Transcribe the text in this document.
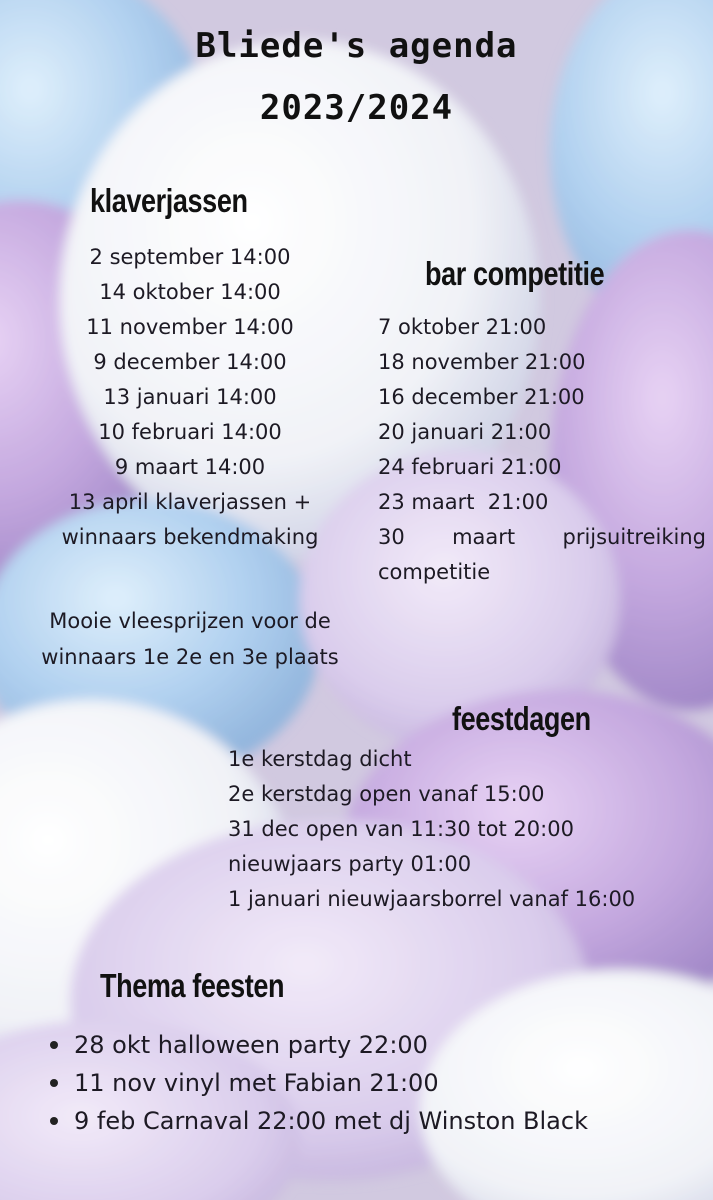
Bliede's agenda
2023/2024
klaverjassen
2 september 14:00
14 oktober 14:00
11 november 14:00
9 december 14:00
13 januari 14:00
10 februari 14:00
9 maart 14:00
13 april klaverjassen +
winnaars bekendmaking
Mooie vleesprijzen voor de
winnaars 1e 2e en 3e plaats
bar competitie
7 oktober 21:00
18 november 21:00
16 december 21:00
20 januari 21:00
24 februari 21:00
23 maart  21:00
30 maart prijsuitreiking
competitie
feestdagen
1e kerstdag dicht
2e kerstdag open vanaf 15:00
31 dec open van 11:30 tot 20:00
nieuwjaars party 01:00
1 januari nieuwjaarsborrel vanaf 16:00
Thema feesten
28 okt halloween party 22:00
11 nov vinyl met Fabian 21:00
9 feb Carnaval 22:00 met dj Winston Black
